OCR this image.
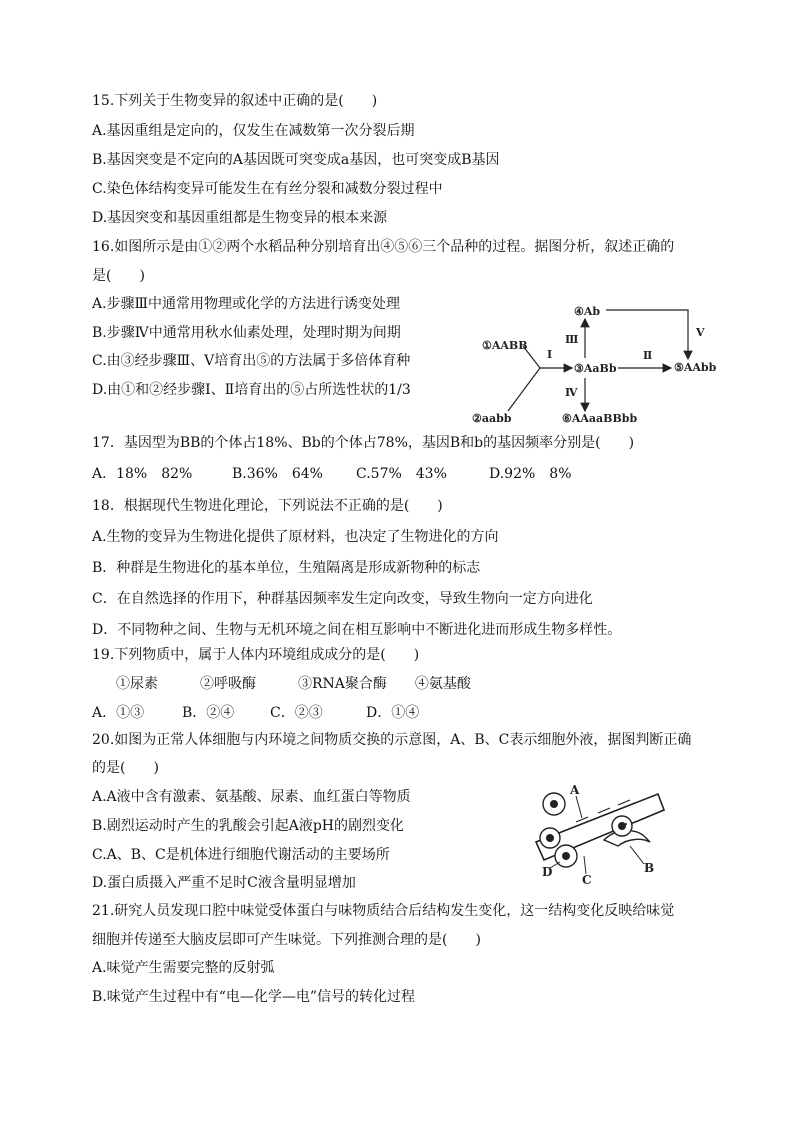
15.下列关于生物变异的叙述中正确的是(　　)
A.基因重组是定向的，仅发生在减数第一次分裂后期
B.基因突变是不定向的A基因既可突变成a基因，也可突变成B基因
C.染色体结构变异可能发生在有丝分裂和减数分裂过程中
D.基因突变和基因重组都是生物变异的根本来源
16.如图所示是由①②两个水稻品种分别培育出④⑤⑥三个品种的过程。据图分析，叙述正确的
是(　　)
A.步骤Ⅲ中通常用物理或化学的方法进行诱变处理
B.步骤Ⅳ中通常用秋水仙素处理，处理时期为间期
C.由③经步骤Ⅲ、Ⅴ培育出⑤的方法属于多倍体育种
D.由①和②经步骤Ⅰ、Ⅱ培育出的⑤占所选性状的1/3
①AABB
②aabb
③AaBb
④Ab
⑤AAbb
⑥AAaaBBbb
Ⅰ	Ⅱ
Ⅲ
Ⅳ
Ⅴ
17．基因型为BB的个体占18%、Bb的个体占78%，基因B和b的基因频率分别是(　　)
A．18%　82%	B.36%　64% C.57%　43%	D.92%　8%
18．根据现代生物进化理论，下列说法不正确的是(　　)
A.生物的变异为生物进化提供了原材料，也决定了生物进化的方向
B．种群是生物进化的基本单位，生殖隔离是形成新物种的标志
C．在自然选择的作用下，种群基因频率发生定向改变，导致生物向一定方向进化
D．不同物种之间、生物与无机环境之间在相互影响中不断进化进而形成生物多样性。
19.下列物质中，属于人体内环境组成成分的是(　　)
①尿素　　　②呼吸酶　　　③RNA聚合酶　　④氨基酸
A．①③	B．②④	C．②③	D．①④
20.如图为正常人体细胞与内环境之间物质交换的示意图，A、B、C表示细胞外液，据图判断正确
的是(　　)
A.A液中含有激素、氨基酸、尿素、血红蛋白等物质
B.剧烈运动时产生的乳酸会引起A液pH的剧烈变化
C.A、B、C是机体进行细胞代谢活动的主要场所
D.蛋白质摄入严重不足时C液含量明显增加
A
B
C
D
21.研究人员发现口腔中味觉受体蛋白与味物质结合后结构发生变化，这一结构变化反映给味觉
细胞并传递至大脑皮层即可产生味觉。下列推测合理的是(　　)
A.味觉产生需要完整的反射弧
B.味觉产生过程中有“电—化学—电”信号的转化过程
